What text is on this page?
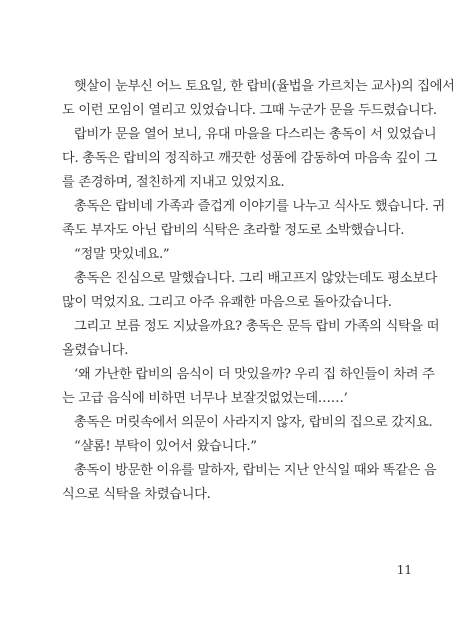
햇살이 눈부신 어느 토요일, 한 랍비(율법을 가르치는 교사)의 집에서
도 이런 모임이 열리고 있었습니다. 그때 누군가 문을 두드렸습니다.
랍비가 문을 열어 보니, 유대 마을을 다스리는 총독이 서 있었습니
다. 총독은 랍비의 정직하고 깨끗한 성품에 감동하여 마음속 깊이 그
를 존경하며, 절친하게 지내고 있었지요.
총독은 랍비네 가족과 즐겁게 이야기를 나누고 식사도 했습니다. 귀
족도 부자도 아닌 랍비의 식탁은 초라할 정도로 소박했습니다.
“정말 맛있네요.”
총독은 진심으로 말했습니다. 그리 배고프지 않았는데도 평소보다
많이 먹었지요. 그리고 아주 유쾌한 마음으로 돌아갔습니다.
그리고 보름 정도 지났을까요? 총독은 문득 랍비 가족의 식탁을 떠
올렸습니다.
‘왜 가난한 랍비의 음식이 더 맛있을까? 우리 집 하인들이 차려 주
는 고급 음식에 비하면 너무나 보잘것없었는데……’
총독은 머릿속에서 의문이 사라지지 않자, 랍비의 집으로 갔지요.
“샬롬! 부탁이 있어서 왔습니다.”
총독이 방문한 이유를 말하자, 랍비는 지난 안식일 때와 똑같은 음
식으로 식탁을 차렸습니다.
11
